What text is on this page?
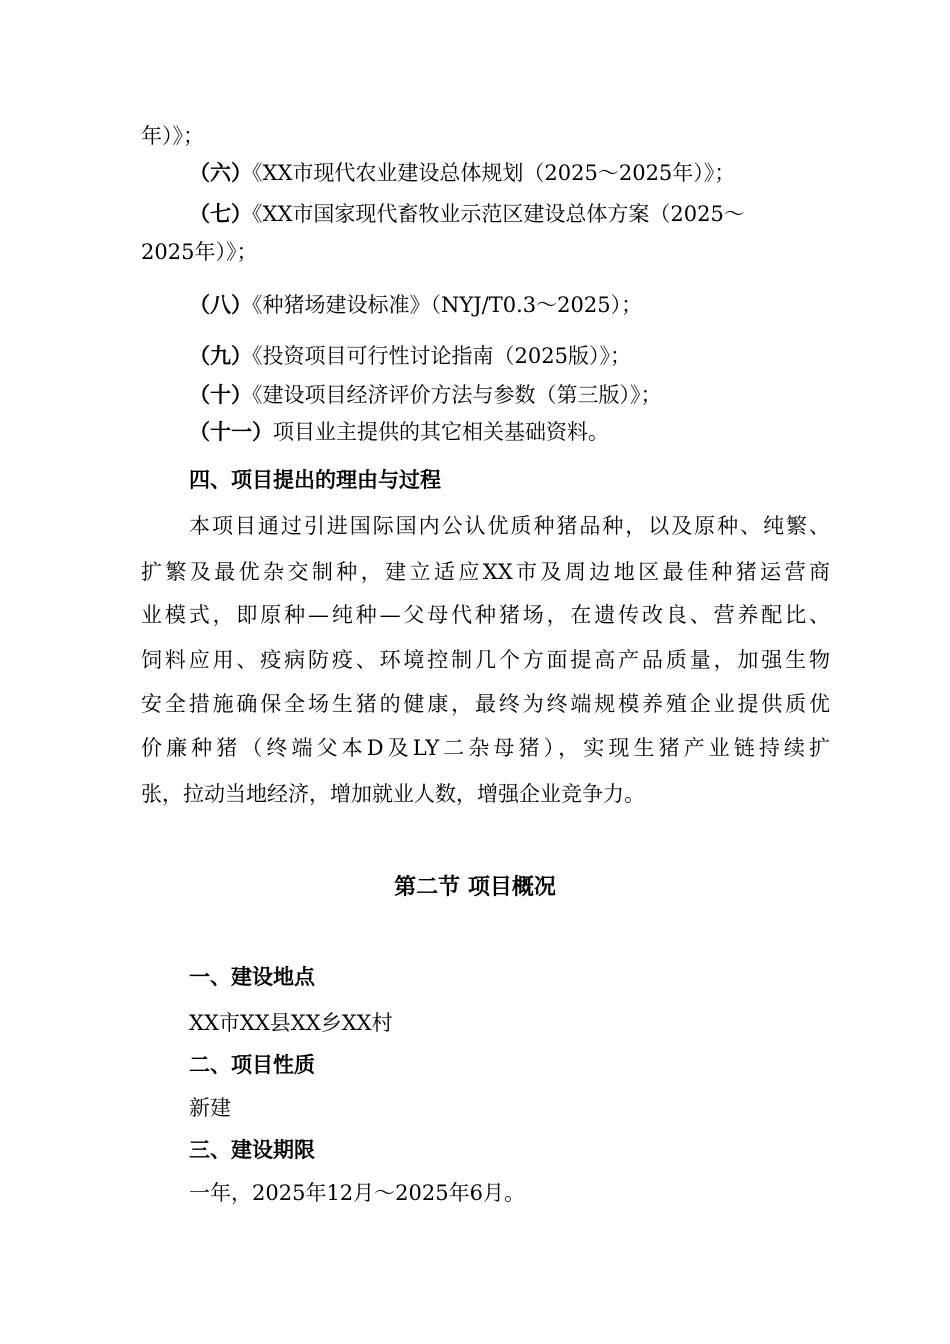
年）》；
（六）《XX市现代农业建设总体规划（2025～2025年）》；
（七）《XX市国家现代畜牧业示范区建设总体方案（2025～
2025年）》；
（八）《种猪场建设标准》（NYJ/T0.3～2025）；
（九）《投资项目可行性讨论指南（2025版）》；
（十）《建设项目经济评价方法与参数（第三版）》；
（十一）项目业主提供的其它相关基础资料。
四、项目提出的理由与过程
本项目通过引进国际国内公认优质种猪品种，以及原种、纯繁、
扩繁及最优杂交制种，建立适应XX市及周边地区最佳种猪运营商
业模式，即原种—纯种—父母代种猪场，在遗传改良、营养配比、
饲料应用、疫病防疫、环境控制几个方面提高产品质量，加强生物
安全措施确保全场生猪的健康，最终为终端规模养殖企业提供质优
价廉种猪（终端父本D及LY二杂母猪），实现生猪产业链持续扩
张，拉动当地经济，增加就业人数，增强企业竞争力。
第二节 项目概况
一、建设地点
XX市XX县XX乡XX村
二、项目性质
新建
三、建设期限
一年，2025年12月～2025年6月。
